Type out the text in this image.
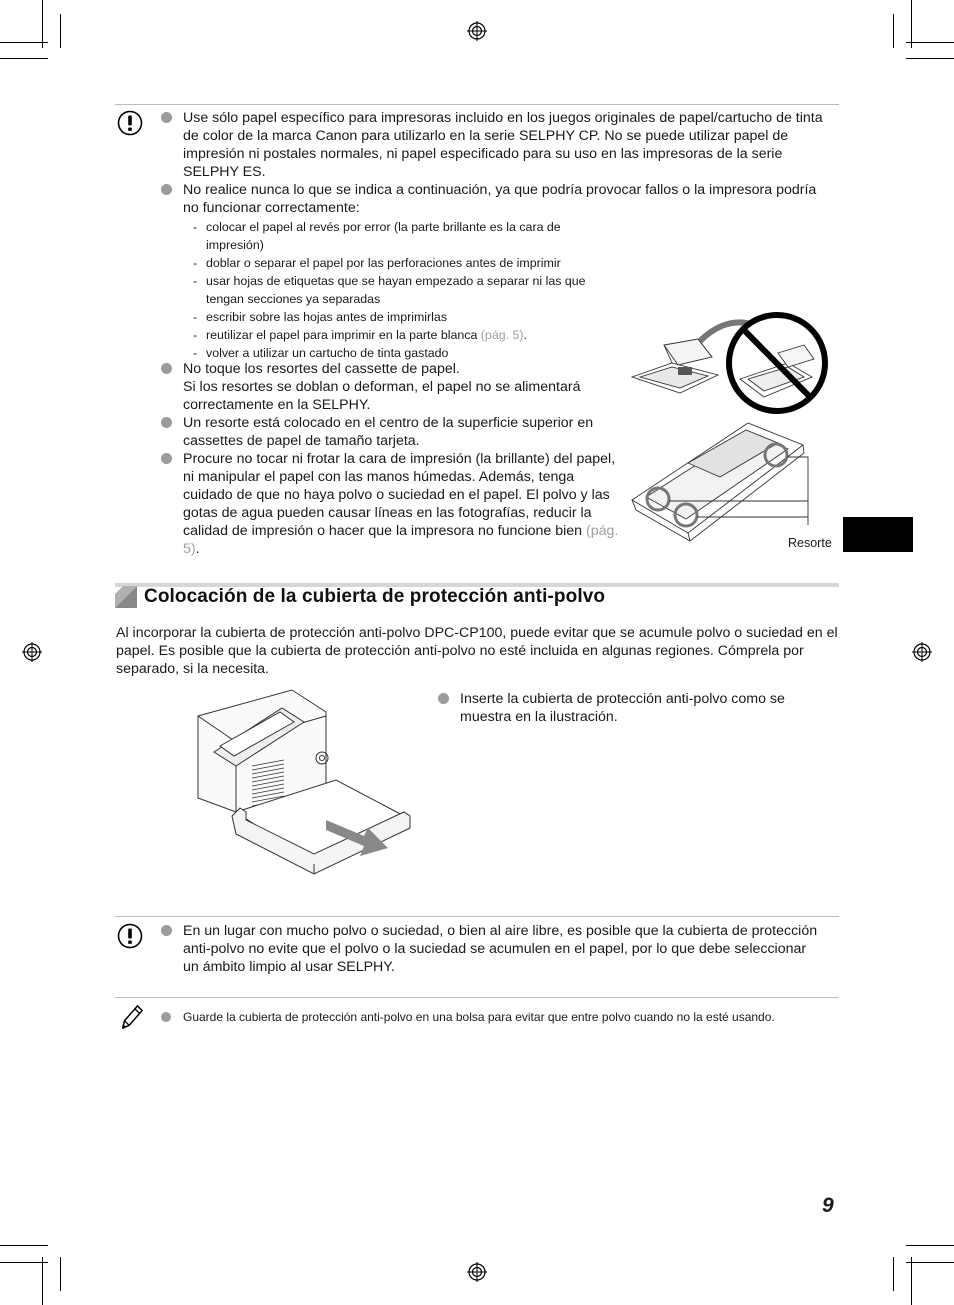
Use sólo papel específico para impresoras incluido en los juegos originales de papel/cartucho de tinta de color de la marca Canon para utilizarlo en la serie SELPHY CP. No se puede utilizar papel de impresión ni postales normales, ni papel especificado para su uso en las impresoras de la serie SELPHY ES.
No realice nunca lo que se indica a continuación, ya que podría provocar fallos o la impresora podría no funcionar correctamente:
- colocar el papel al revés por error (la parte brillante es la cara de impresión)
- doblar o separar el papel por las perforaciones antes de imprimir
- usar hojas de etiquetas que se hayan empezado a separar ni las que tengan secciones ya separadas
- escribir sobre las hojas antes de imprimirlas
- reutilizar el papel para imprimir en la parte blanca (pág. 5).
- volver a utilizar un cartucho de tinta gastado
No toque los resortes del cassette de papel.
Si los resortes se doblan o deforman, el papel no se alimentará correctamente en la SELPHY.
Un resorte está colocado en el centro de la superficie superior en cassettes de papel de tamaño tarjeta.
Procure no tocar ni frotar la cara de impresión (la brillante) del papel, ni manipular el papel con las manos húmedas. Además, tenga cuidado de que no haya polvo o suciedad en el papel. El polvo y las gotas de agua pueden causar líneas en las fotografías, reducir la calidad de impresión o hacer que la impresora no funcione bien (pág. 5).	Resorte
Colocación de la cubierta de protección anti-polvo
Al incorporar la cubierta de protección anti-polvo DPC-CP100, puede evitar que se acumule polvo o suciedad en el papel. Es posible que la cubierta de protección anti-polvo no esté incluida en algunas regiones. Cómprela por separado, si la necesita.
Inserte la cubierta de protección anti-polvo como se muestra en la ilustración.
En un lugar con mucho polvo o suciedad, o bien al aire libre, es posible que la cubierta de protección anti-polvo no evite que el polvo o la suciedad se acumulen en el papel, por lo que debe seleccionar un ámbito limpio al usar SELPHY.
Guarde la cubierta de protección anti-polvo en una bolsa para evitar que entre polvo cuando no la esté usando.
9
